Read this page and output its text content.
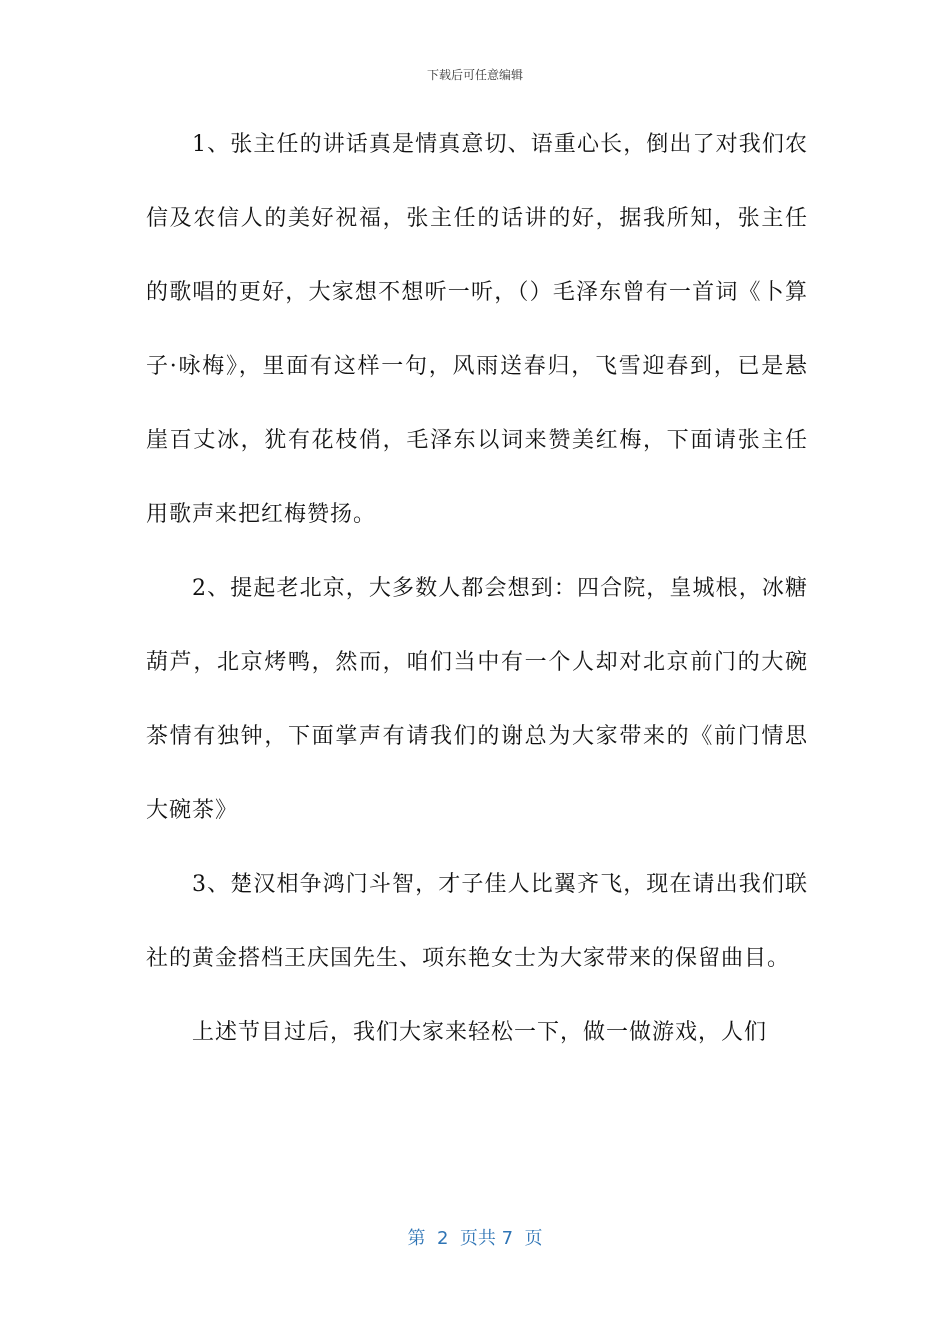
下载后可任意编辑

1、张主任的讲话真是情真意切、语重心长，倒出了对我们农信及农信人的美好祝福，张主任的话讲的好，据我所知，张主任的歌唱的更好，大家想不想听一听，（）毛泽东曾有一首词《卜算子·咏梅》，里面有这样一句，风雨送春归，飞雪迎春到，已是悬崖百丈冰，犹有花枝俏，毛泽东以词来赞美红梅，下面请张主任用歌声来把红梅赞扬。

2、提起老北京，大多数人都会想到：四合院，皇城根，冰糖葫芦，北京烤鸭，然而，咱们当中有一个人却对北京前门的大碗茶情有独钟，下面掌声有请我们的谢总为大家带来的《前门情思大碗茶》

3、楚汉相争鸿门斗智，才子佳人比翼齐飞，现在请出我们联社的黄金搭档王庆国先生、项东艳女士为大家带来的保留曲目。

上述节目过后，我们大家来轻松一下，做一做游戏，人们

第  2  页共 7  页
